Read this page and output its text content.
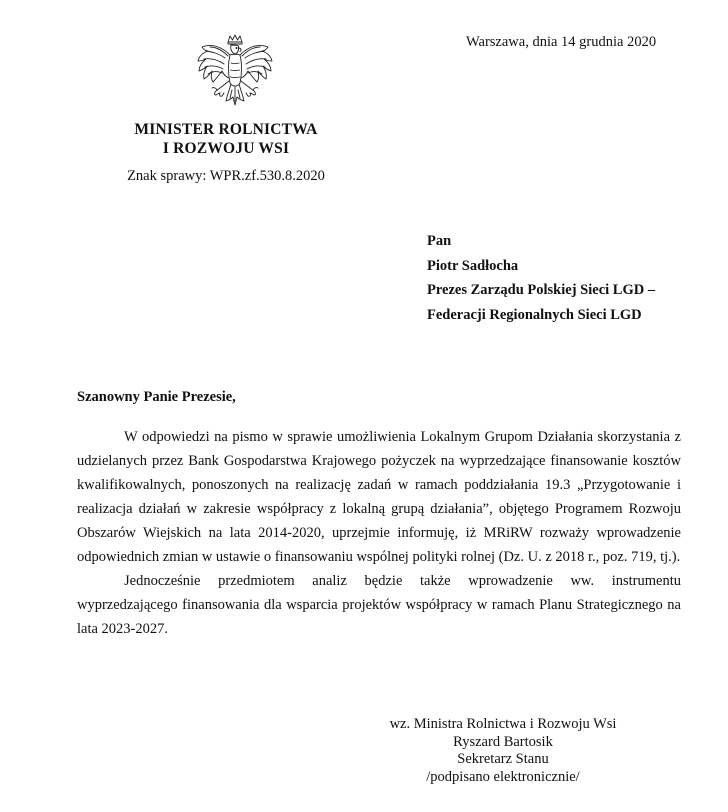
Warszawa, dnia 14 grudnia 2020
MINISTER ROLNICTWA
I ROZWOJU WSI
Znak sprawy: WPR.zf.530.8.2020
Pan
Piotr Sadłocha
Prezes Zarządu Polskiej Sieci LGD –
Federacji Regionalnych Sieci LGD
Szanowny Panie Prezesie,

W odpowiedzi na pismo w sprawie umożliwienia Lokalnym Grupom Działania skorzystania z udzielanych przez Bank Gospodarstwa Krajowego pożyczek na wyprzedzające finansowanie kosztów kwalifikowalnych, ponoszonych na realizację zadań w ramach poddziałania 19.3 „Przygotowanie i realizacja działań w zakresie współpracy z lokalną grupą działania”, objętego Programem Rozwoju Obszarów Wiejskich na lata 2014-2020, uprzejmie informuję, iż MRiRW rozważy wprowadzenie odpowiednich zmian w ustawie o finansowaniu wspólnej polityki rolnej (Dz. U. z 2018 r., poz. 719, tj.).

Jednocześnie przedmiotem analiz będzie także wprowadzenie ww. instrumentu wyprzedzającego finansowania dla wsparcia projektów współpracy w ramach Planu Strategicznego na lata 2023-2027.

wz. Ministra Rolnictwa i Rozwoju Wsi
Ryszard Bartosik
Sekretarz Stanu
/podpisano elektronicznie/
